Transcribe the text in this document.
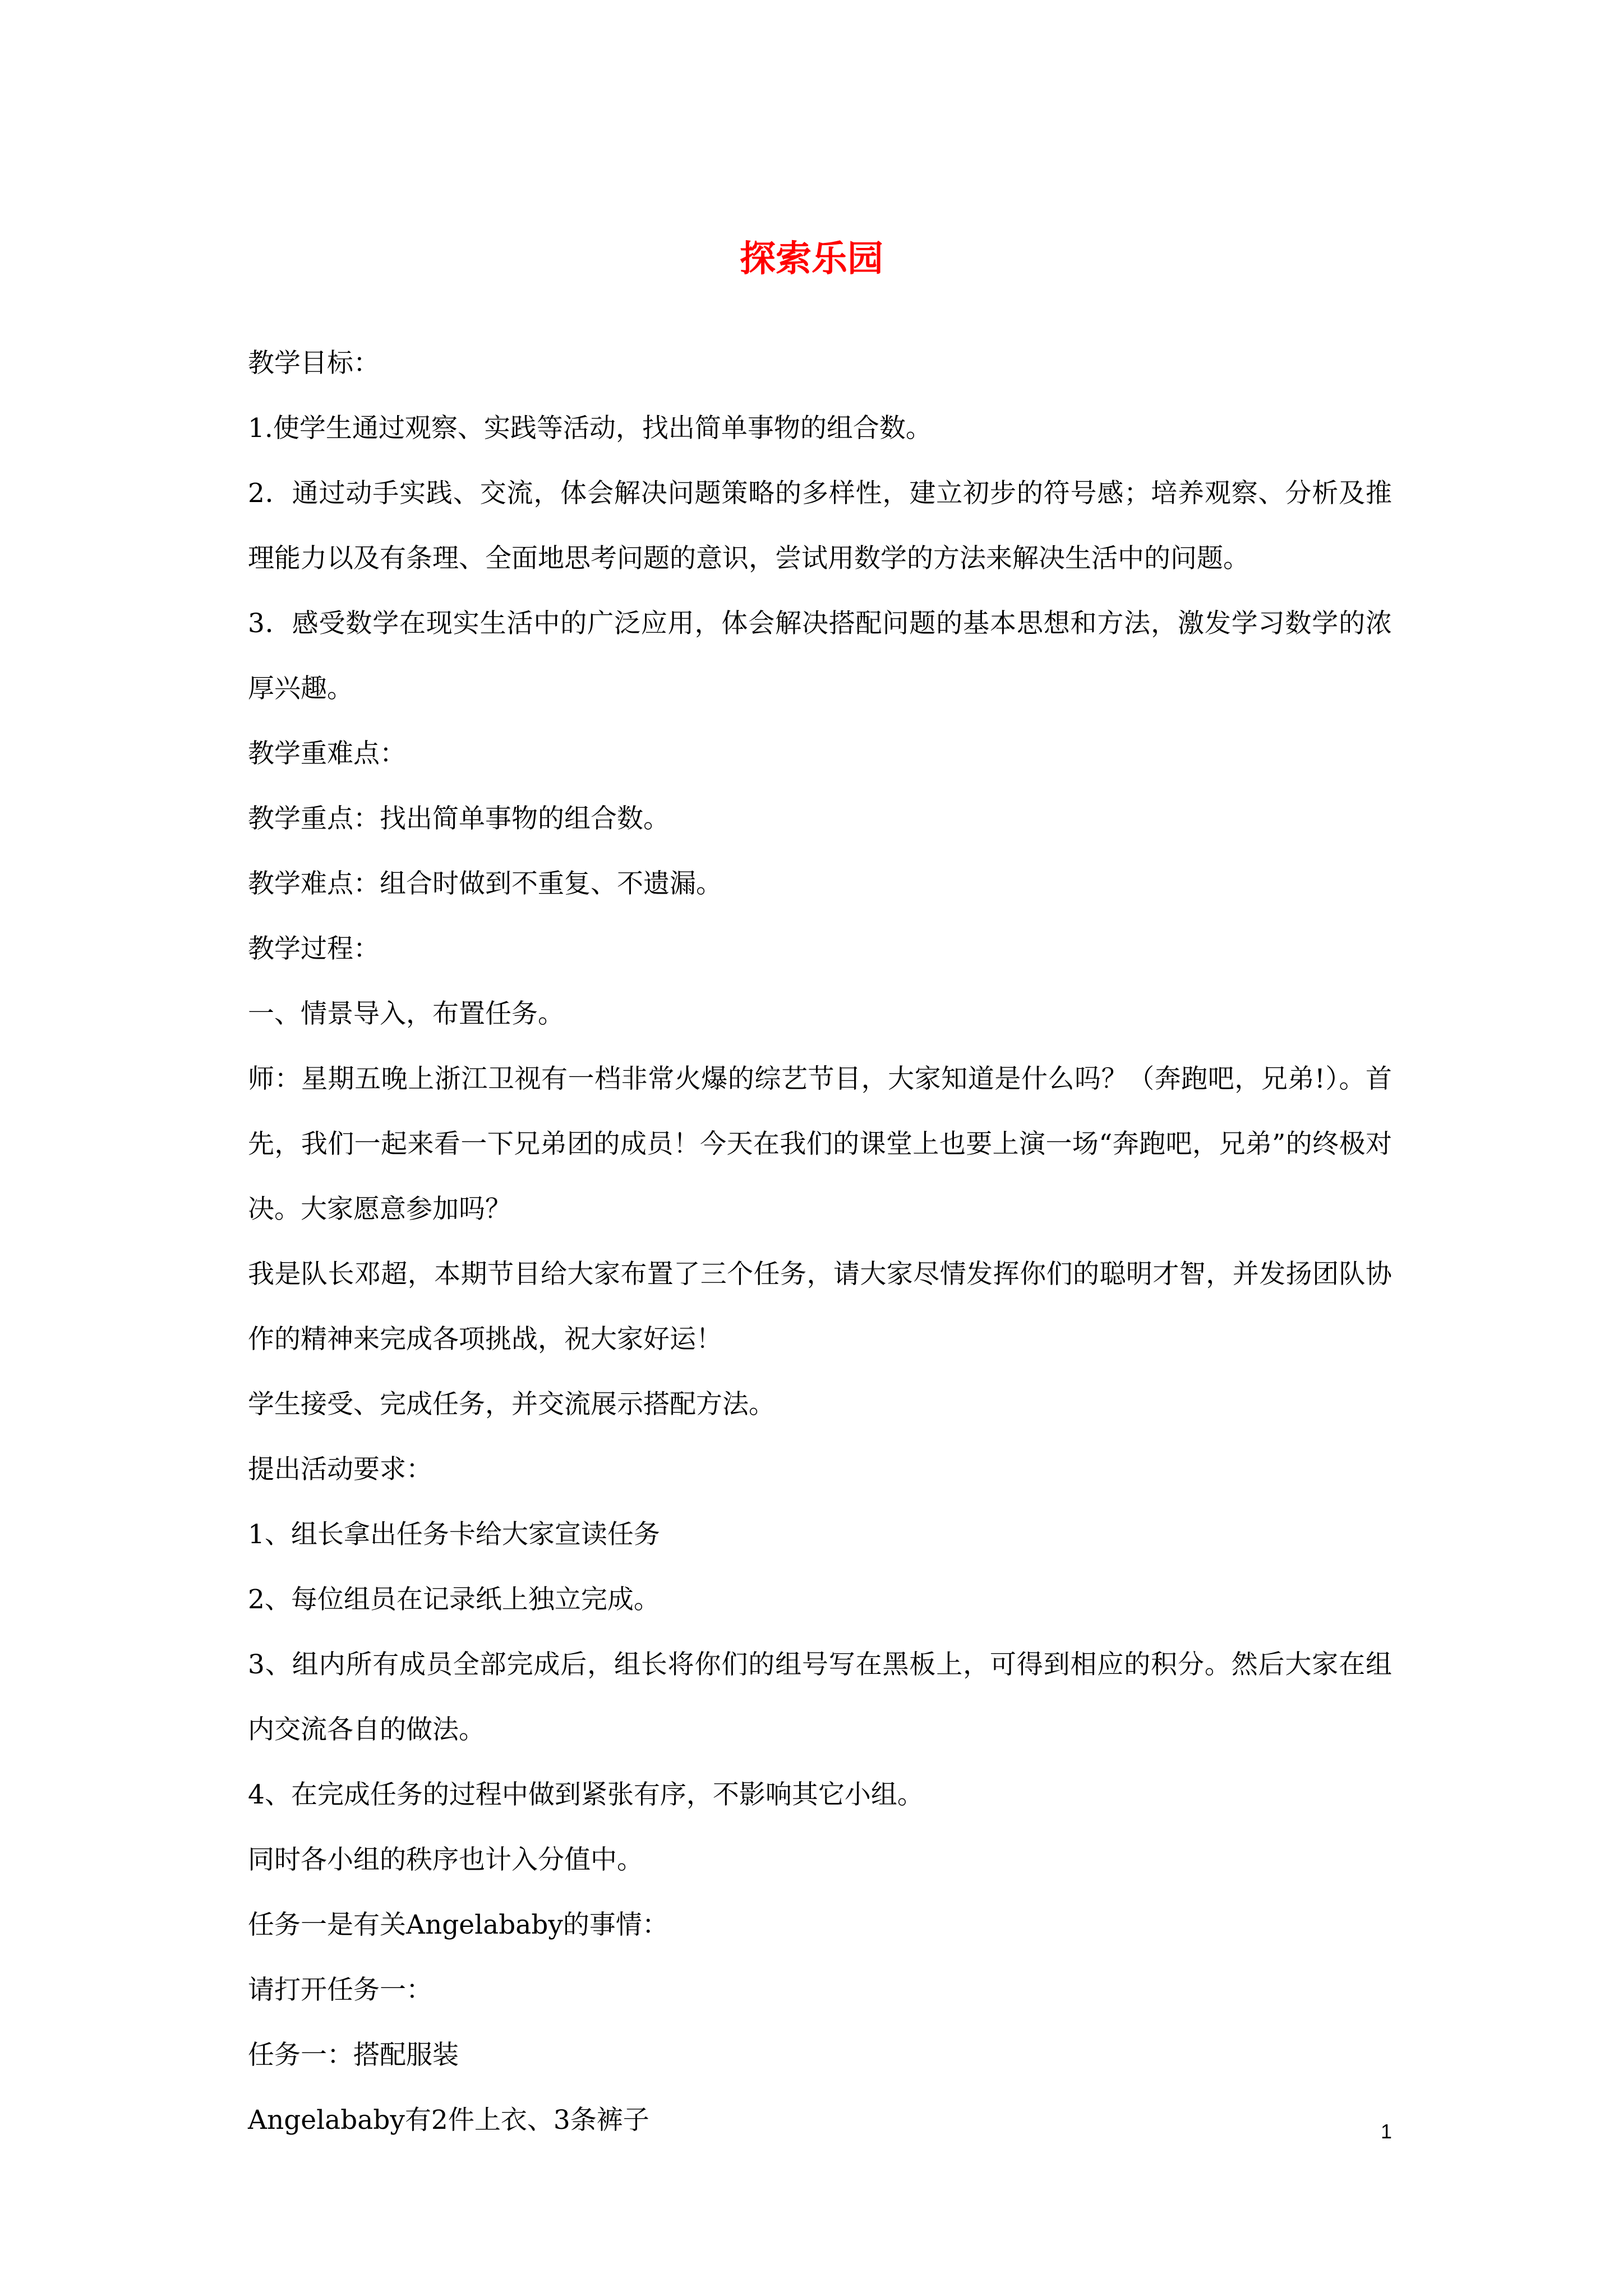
探索乐园

教学目标：

1.使学生通过观察、实践等活动，找出简单事物的组合数。

2．通过动手实践、交流，体会解决问题策略的多样性，建立初步的符号感；培养观察、分析及推理能力以及有条理、全面地思考问题的意识，尝试用数学的方法来解决生活中的问题。

3．感受数学在现实生活中的广泛应用，体会解决搭配问题的基本思想和方法，激发学习数学的浓厚兴趣。

教学重难点：

教学重点：找出简单事物的组合数。

教学难点：组合时做到不重复、不遗漏。

教学过程：

一、情景导入，布置任务。

师：星期五晚上浙江卫视有一档非常火爆的综艺节目，大家知道是什么吗？（奔跑吧，兄弟!）。首先，我们一起来看一下兄弟团的成员！今天在我们的课堂上也要上演一场“奔跑吧，兄弟”的终极对决。大家愿意参加吗？

我是队长邓超，本期节目给大家布置了三个任务，请大家尽情发挥你们的聪明才智，并发扬团队协作的精神来完成各项挑战，祝大家好运！

学生接受、完成任务，并交流展示搭配方法。

提出活动要求：

1、组长拿出任务卡给大家宣读任务

2、每位组员在记录纸上独立完成。

3、组内所有成员全部完成后，组长将你们的组号写在黑板上，可得到相应的积分。然后大家在组内交流各自的做法。

4、在完成任务的过程中做到紧张有序，不影响其它小组。

同时各小组的秩序也计入分值中。

任务一是有关Angelababy的事情：

请打开任务一：

任务一：搭配服装

Angelababy有2件上衣、3条裤子	1
